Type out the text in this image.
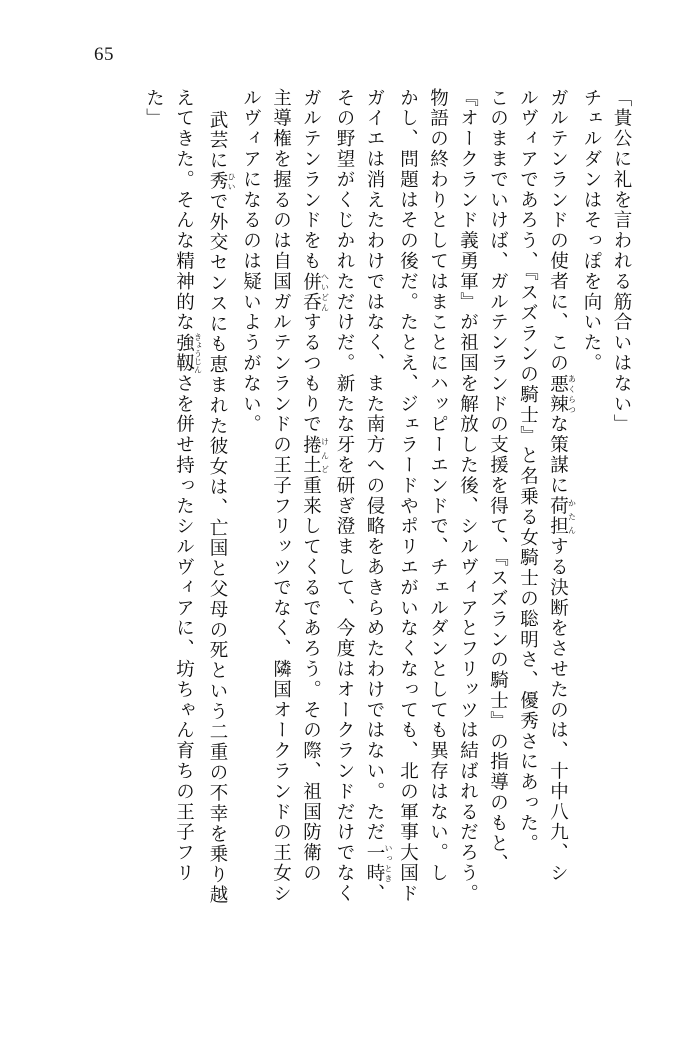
65
「貴公に礼を言われる筋合いはない」
チェルダンはそっぽを向いた。
ガルテンランドの使者に、この悪辣 あくらつな策謀に荷担 かたんする決断をさせたのは、十中八九、シ
ルヴィアであろう、『スズランの騎士』と名乗る女騎士の聡明さ、優秀さにあった。
このままでいけば、ガルテンランドの支援を得て、『スズランの騎士』の指導のもと、
『オークランド義勇軍』が祖国を解放した後、シルヴィアとフリッツは結ばれるだろう。
物語の終わりとしてはまことにハッピーエンドで、チェルダンとしても異存はない。し
かし、問題はその後だ。たとえ、ジェラードやポリエがいなくなっても、北の軍事大国ド
ガイエは消えたわけではなく、また南方への侵略をあきらめたわけではない。ただ一時 いっとき、
その野望がくじかれただけだ。新たな牙を研ぎ澄まして、今度はオークランドだけでなく
ガルテンランドをも併呑 へいどんするつもりで捲土 けんど重来してくるであろう。その際、祖国防衛の
主導権を握るのは自国ガルテンランドの王子フリッツでなく、隣国オークランドの王女シ
ルヴィアになるのは疑いようがない。
武芸に秀 ひいで外交センスにも恵まれた彼女は、亡国と父母の死という二重の不幸を乗り越
えてきた。そんな精神的な強靱 きょうじんさを併せ持ったシルヴィアに、坊ちゃん育ちの王子フリ
た」
